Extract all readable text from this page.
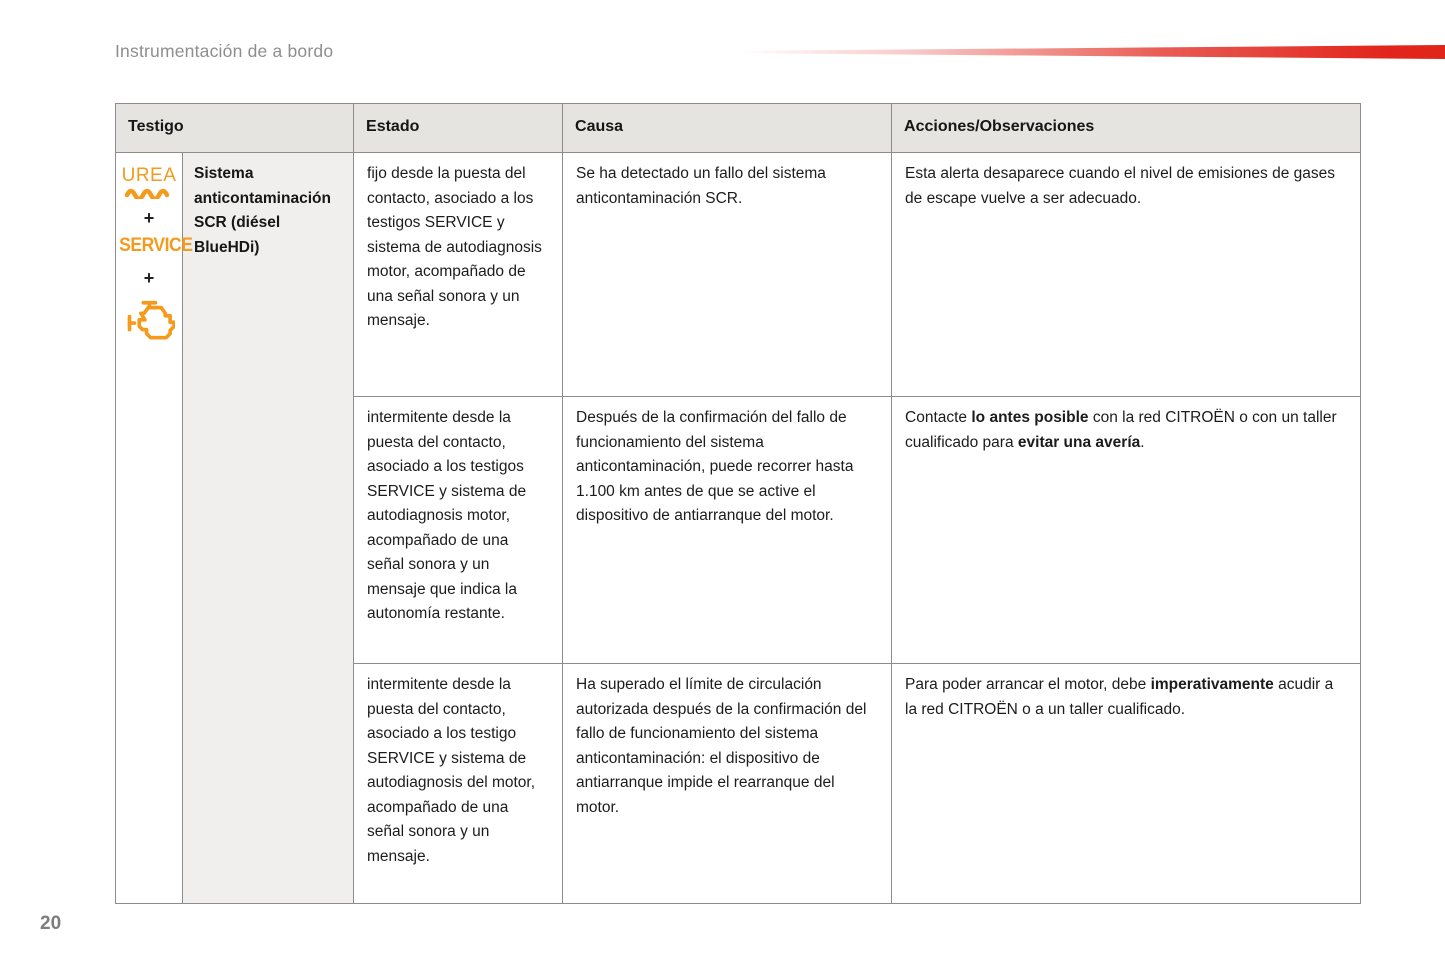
Instrumentación de a bordo
Testigo		Estado	Causa	Acciones/Observaciones

UREA
+
SERVICE
+	Sistema anticontaminación SCR (diésel BlueHDi)	fijo desde la puesta del contacto, asociado a los testigos SERVICE y sistema de autodiagnosis motor, acompañado de una señal sonora y un mensaje.	Se ha detectado un fallo del sistema anticontaminación SCR.	Esta alerta desaparece cuando el nivel de emisiones de gases de escape vuelve a ser adecuado.
		intermitente desde la puesta del contacto, asociado a los testigos SERVICE y sistema de autodiagnosis motor, acompañado de una señal sonora y un mensaje que indica la autonomía restante.	Después de la confirmación del fallo de funcionamiento del sistema anticontaminación, puede recorrer hasta 1.100 km antes de que se active el dispositivo de antiarranque del motor.	Contacte lo antes posible con la red CITROËN o con un taller cualificado para evitar una avería.
		intermitente desde la puesta del contacto, asociado a los testigo SERVICE y sistema de autodiagnosis del motor, acompañado de una señal sonora y un mensaje.	Ha superado el límite de circulación autorizada después de la confirmación del fallo de funcionamiento del sistema anticontaminación: el dispositivo de antiarranque impide el rearranque del motor.	Para poder arrancar el motor, debe imperativamente acudir a la red CITROËN o a un taller cualificado.
20
